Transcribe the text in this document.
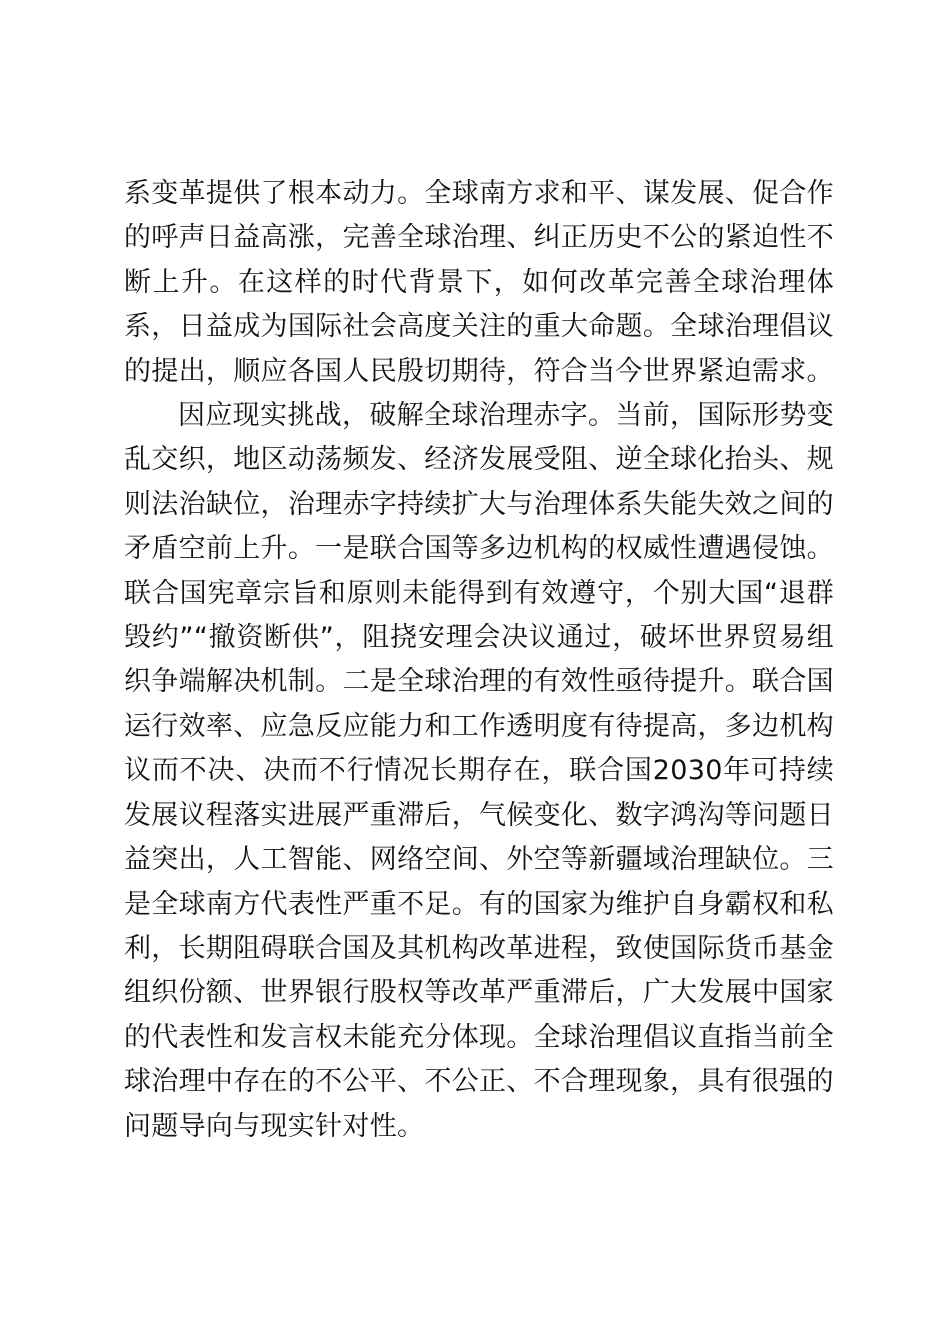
系变革提供了根本动力。全球南方求和平、谋发展、促合作的呼声日益高涨，完善全球治理、纠正历史不公的紧迫性不断上升。在这样的时代背景下，如何改革完善全球治理体系，日益成为国际社会高度关注的重大命题。全球治理倡议的提出，顺应各国人民殷切期待，符合当今世界紧迫需求。

因应现实挑战，破解全球治理赤字。当前，国际形势变乱交织，地区动荡频发、经济发展受阻、逆全球化抬头、规则法治缺位，治理赤字持续扩大与治理体系失能失效之间的矛盾空前上升。一是联合国等多边机构的权威性遭遇侵蚀。联合国宪章宗旨和原则未能得到有效遵守，个别大国“退群毁约”“撤资断供”，阻挠安理会决议通过，破坏世界贸易组织争端解决机制。二是全球治理的有效性亟待提升。联合国运行效率、应急反应能力和工作透明度有待提高，多边机构议而不决、决而不行情况长期存在，联合国2030年可持续发展议程落实进展严重滞后，气候变化、数字鸿沟等问题日益突出，人工智能、网络空间、外空等新疆域治理缺位。三是全球南方代表性严重不足。有的国家为维护自身霸权和私利，长期阻碍联合国及其机构改革进程，致使国际货币基金组织份额、世界银行股权等改革严重滞后，广大发展中国家的代表性和发言权未能充分体现。全球治理倡议直指当前全球治理中存在的不公平、不公正、不合理现象，具有很强的问题导向与现实针对性。
